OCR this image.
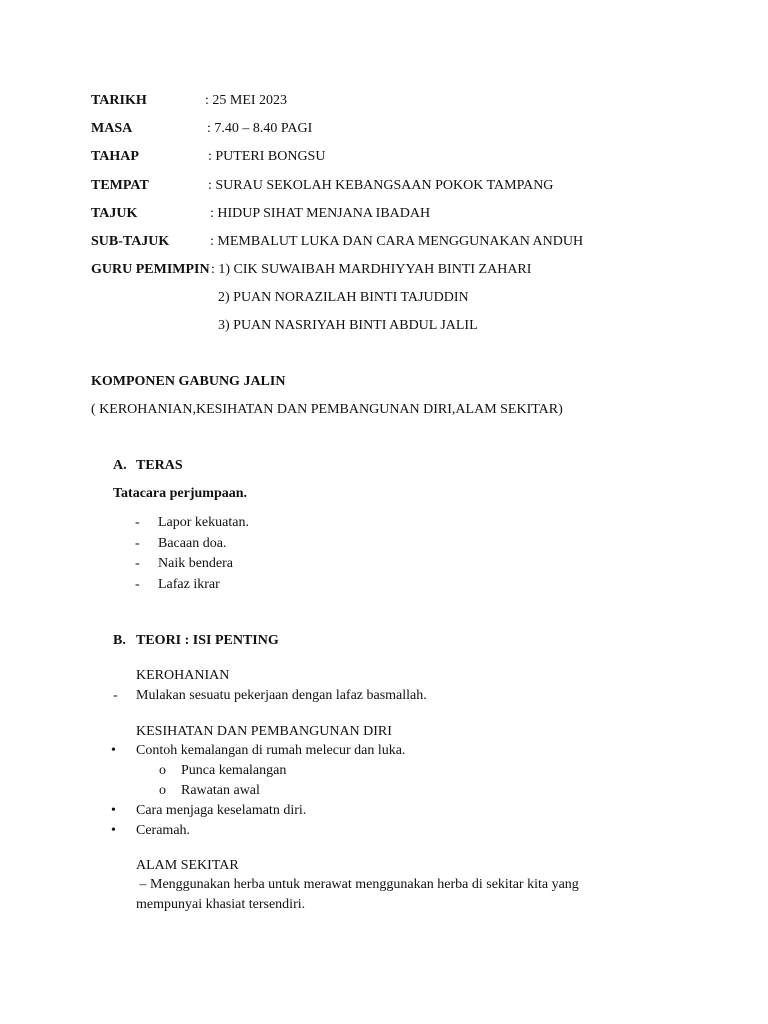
TARIKH	: 25 MEI 2023
MASA	: 7.40 – 8.40 PAGI
TAHAP	: PUTERI BONGSU
TEMPAT	: SURAU SEKOLAH KEBANGSAAN POKOK TAMPANG
TAJUK	: HIDUP SIHAT MENJANA IBADAH
SUB-TAJUK	: MEMBALUT LUKA DAN CARA MENGGUNAKAN ANDUH
GURU PEMIMPIN : 1) CIK SUWAIBAH MARDHIYYAH BINTI ZAHARI
2) PUAN NORAZILAH BINTI TAJUDDIN
3) PUAN NASRIYAH BINTI ABDUL JALIL
KOMPONEN GABUNG JALIN
( KEROHANIAN,KESIHATAN DAN PEMBANGUNAN DIRI,ALAM SEKITAR)
A. TERAS
Tatacara perjumpaan.
- Lapor kekuatan.
- Bacaan doa.
- Naik bendera
- Lafaz ikrar
B. TEORI : ISI PENTING
KEROHANIAN
- Mulakan sesuatu pekerjaan dengan lafaz basmallah.
KESIHATAN DAN PEMBANGUNAN DIRI
• Contoh kemalangan di rumah melecur dan luka.
o Punca kemalangan
o Rawatan awal
• Cara menjaga keselamatn diri.
• Ceramah.
ALAM SEKITAR
– Menggunakan herba untuk merawat menggunakan herba di sekitar kita yang
mempunyai khasiat tersendiri.
